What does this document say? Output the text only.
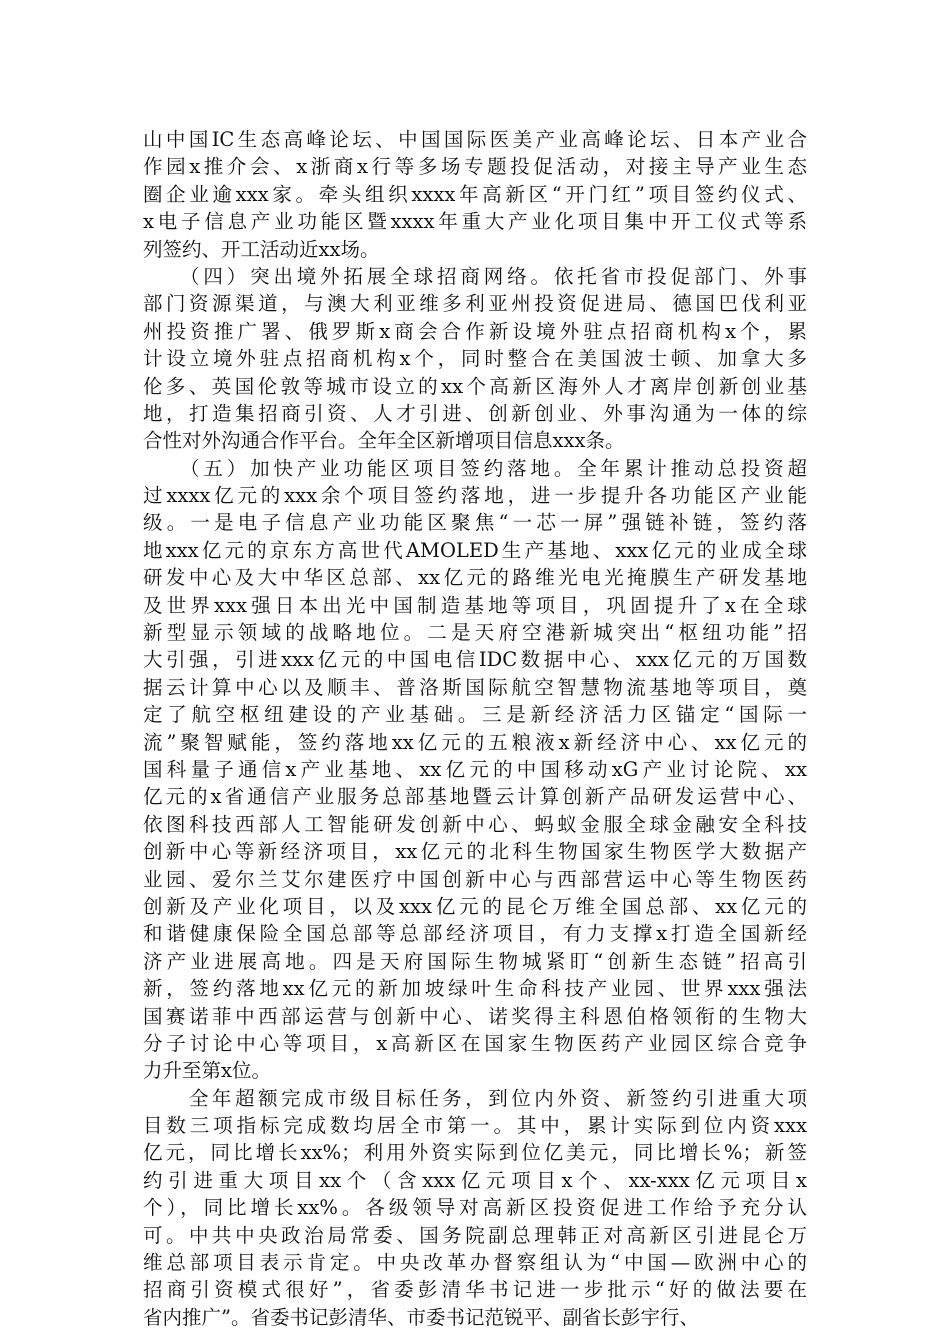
山中国IC生态高峰论坛、中国国际医美产业高峰论坛、日本产业合
作园x推介会、x浙商x行等多场专题投促活动，对接主导产业生态
圈企业逾xxx家。牵头组织xxxx年高新区“开门红”项目签约仪式、
x电子信息产业功能区暨xxxx年重大产业化项目集中开工仪式等系
列签约、开工活动近xx场。
　　（四）突出境外拓展全球招商网络。依托省市投促部门、外事
部门资源渠道，与澳大利亚维多利亚州投资促进局、德国巴伐利亚
州投资推广署、俄罗斯x商会合作新设境外驻点招商机构x个，累
计设立境外驻点招商机构x个，同时整合在美国波士顿、加拿大多
伦多、英国伦敦等城市设立的xx个高新区海外人才离岸创新创业基
地，打造集招商引资、人才引进、创新创业、外事沟通为一体的综
合性对外沟通合作平台。全年全区新增项目信息xxx条。
　　（五）加快产业功能区项目签约落地。全年累计推动总投资超
过xxxx亿元的xxx余个项目签约落地，进一步提升各功能区产业能
级。一是电子信息产业功能区聚焦“一芯一屏”强链补链，签约落
地xxx亿元的京东方高世代AMOLED生产基地、xxx亿元的业成全球
研发中心及大中华区总部、xx亿元的路维光电光掩膜生产研发基地
及世界xxx强日本出光中国制造基地等项目，巩固提升了x在全球
新型显示领域的战略地位。二是天府空港新城突出“枢纽功能”招
大引强，引进xxx亿元的中国电信IDC数据中心、xxx亿元的万国数
据云计算中心以及顺丰、普洛斯国际航空智慧物流基地等项目，奠
定了航空枢纽建设的产业基础。三是新经济活力区锚定“国际一
流”聚智赋能，签约落地xx亿元的五粮液x新经济中心、xx亿元的
国科量子通信x产业基地、xx亿元的中国移动xG产业讨论院、xx
亿元的x省通信产业服务总部基地暨云计算创新产品研发运营中心、
依图科技西部人工智能研发创新中心、蚂蚁金服全球金融安全科技
创新中心等新经济项目，xx亿元的北科生物国家生物医学大数据产
业园、爱尔兰艾尔建医疗中国创新中心与西部营运中心等生物医药
创新及产业化项目，以及xxx亿元的昆仑万维全国总部、xx亿元的
和谐健康保险全国总部等总部经济项目，有力支撑x打造全国新经
济产业进展高地。四是天府国际生物城紧盯“创新生态链”招高引
新，签约落地xx亿元的新加坡绿叶生命科技产业园、世界xxx强法
国赛诺菲中西部运营与创新中心、诺奖得主科恩伯格领衔的生物大
分子讨论中心等项目，x高新区在国家生物医药产业园区综合竞争
力升至第x位。
　　全年超额完成市级目标任务，到位内外资、新签约引进重大项
目数三项指标完成数均居全市第一。其中，累计实际到位内资xxx
亿元，同比增长xx%；利用外资实际到位亿美元，同比增长%；新签
约引进重大项目xx个（含xxx亿元项目x个、xx-xxx亿元项目x
个），同比增长xx%。各级领导对高新区投资促进工作给予充分认
可。中共中央政治局常委、国务院副总理韩正对高新区引进昆仑万
维总部项目表示肯定。中央改革办督察组认为“中国—欧洲中心的
招商引资模式很好”，省委彭清华书记进一步批示“好的做法要在
省内推广”。省委书记彭清华、市委书记范锐平、副省长彭宇行、
